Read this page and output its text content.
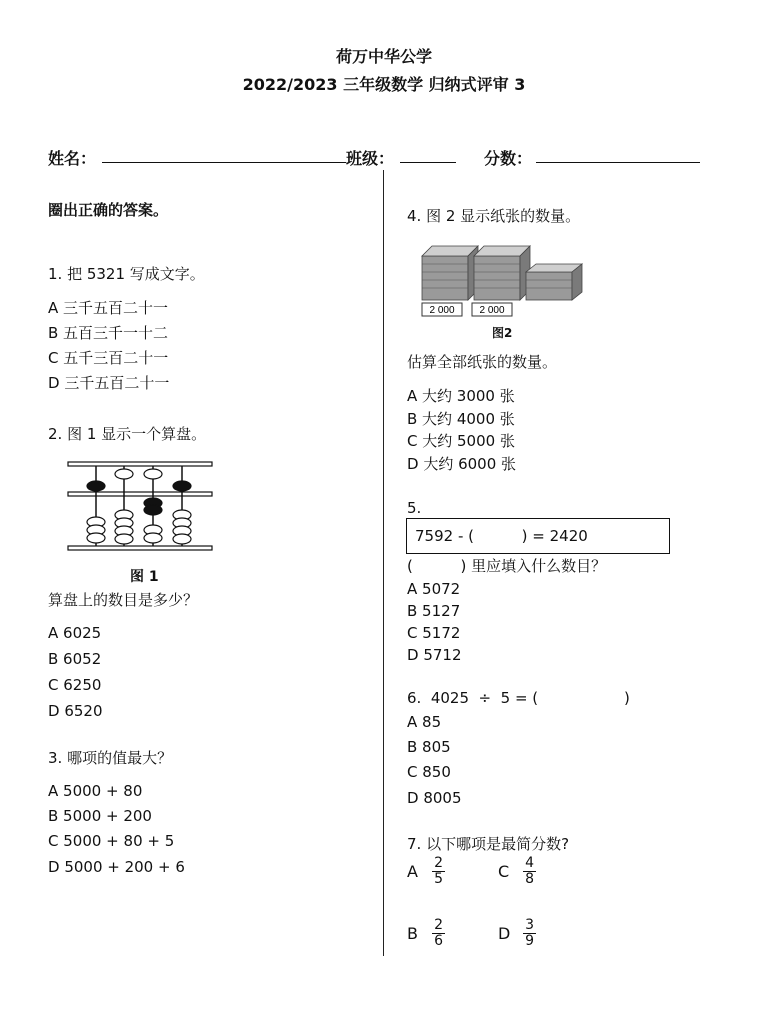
荷万中华公学
2022/2023 三年级数学 归纳式评审 3
姓名：	班级：	分数：
圈出正确的答案。
1. 把 5321 写成文字。
A 三千五百二十一
B 五百三千一十二
C 五千三百二十一
D 三千五百二十一
2. 图 1 显示一个算盘。
图 1
算盘上的数目是多少？
A 6025
B 6052
C 6250
D 6520
3. 哪项的值最大？
A 5000 + 80
B 5000 + 200
C 5000 + 80 + 5
D 5000 + 200 + 6
4. 图 2 显示纸张的数量。
2 000 2 000
图2
估算全部纸张的数量。
A 大约 3000 张
B 大约 4000 张
C 大约 5000 张
D 大约 6000 张
5.
7592 - (          ) = 2420
(          ) 里应填入什么数目？
A 5072
B 5127
C 5172
D 5712
6.  4025  ÷  5 = (                  )
A 85
B 805
C 850
D 8005
7. 以下哪项是最简分数?
A $\frac{2}{5}$	C $\frac{4}{8}$
B $\frac{2}{6}$	D $\frac{3}{9}$
